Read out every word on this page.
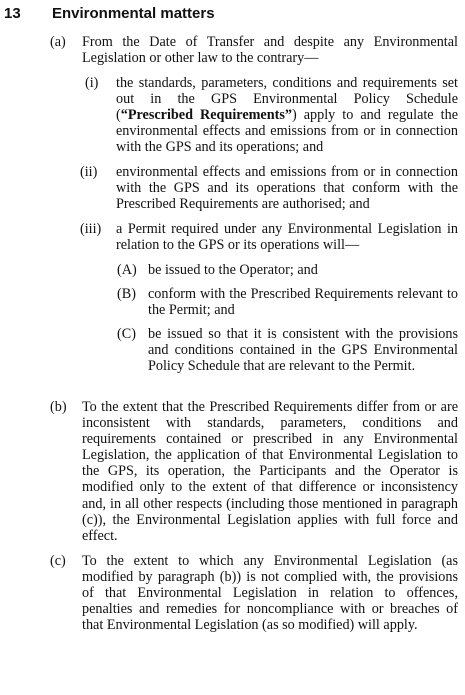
13 Environmental matters
(a) From the Date of Transfer and despite any Environmental Legislation or other law to the contrary—
(i) the standards, parameters, conditions and requirements set out in the GPS Environmental Policy Schedule (“Prescribed Requirements”) apply to and regulate the environmental effects and emissions from or in connection with the GPS and its operations; and
(ii) environmental effects and emissions from or in connection with the GPS and its operations that conform with the Prescribed Requirements are authorised; and
(iii) a Permit required under any Environmental Legislation in relation to the GPS or its operations will—
(A) be issued to the Operator; and
(B) conform with the Prescribed Requirements relevant to the Permit; and
(C) be issued so that it is consistent with the provisions and conditions contained in the GPS Environmental Policy Schedule that are relevant to the Permit.
(b) To the extent that the Prescribed Requirements differ from or are inconsistent with standards, parameters, conditions and requirements contained or prescribed in any Environmental Legislation, the application of that Environmental Legislation to the GPS, its operation, the Participants and the Operator is modified only to the extent of that difference or inconsistency and, in all other respects (including those mentioned in paragraph (c)), the Environmental Legislation applies with full force and effect.
(c) To the extent to which any Environmental Legislation (as modified by paragraph (b)) is not complied with, the provisions of that Environmental Legislation in relation to offences, penalties and remedies for noncompliance with or breaches of that Environmental Legislation (as so modified) will apply.
